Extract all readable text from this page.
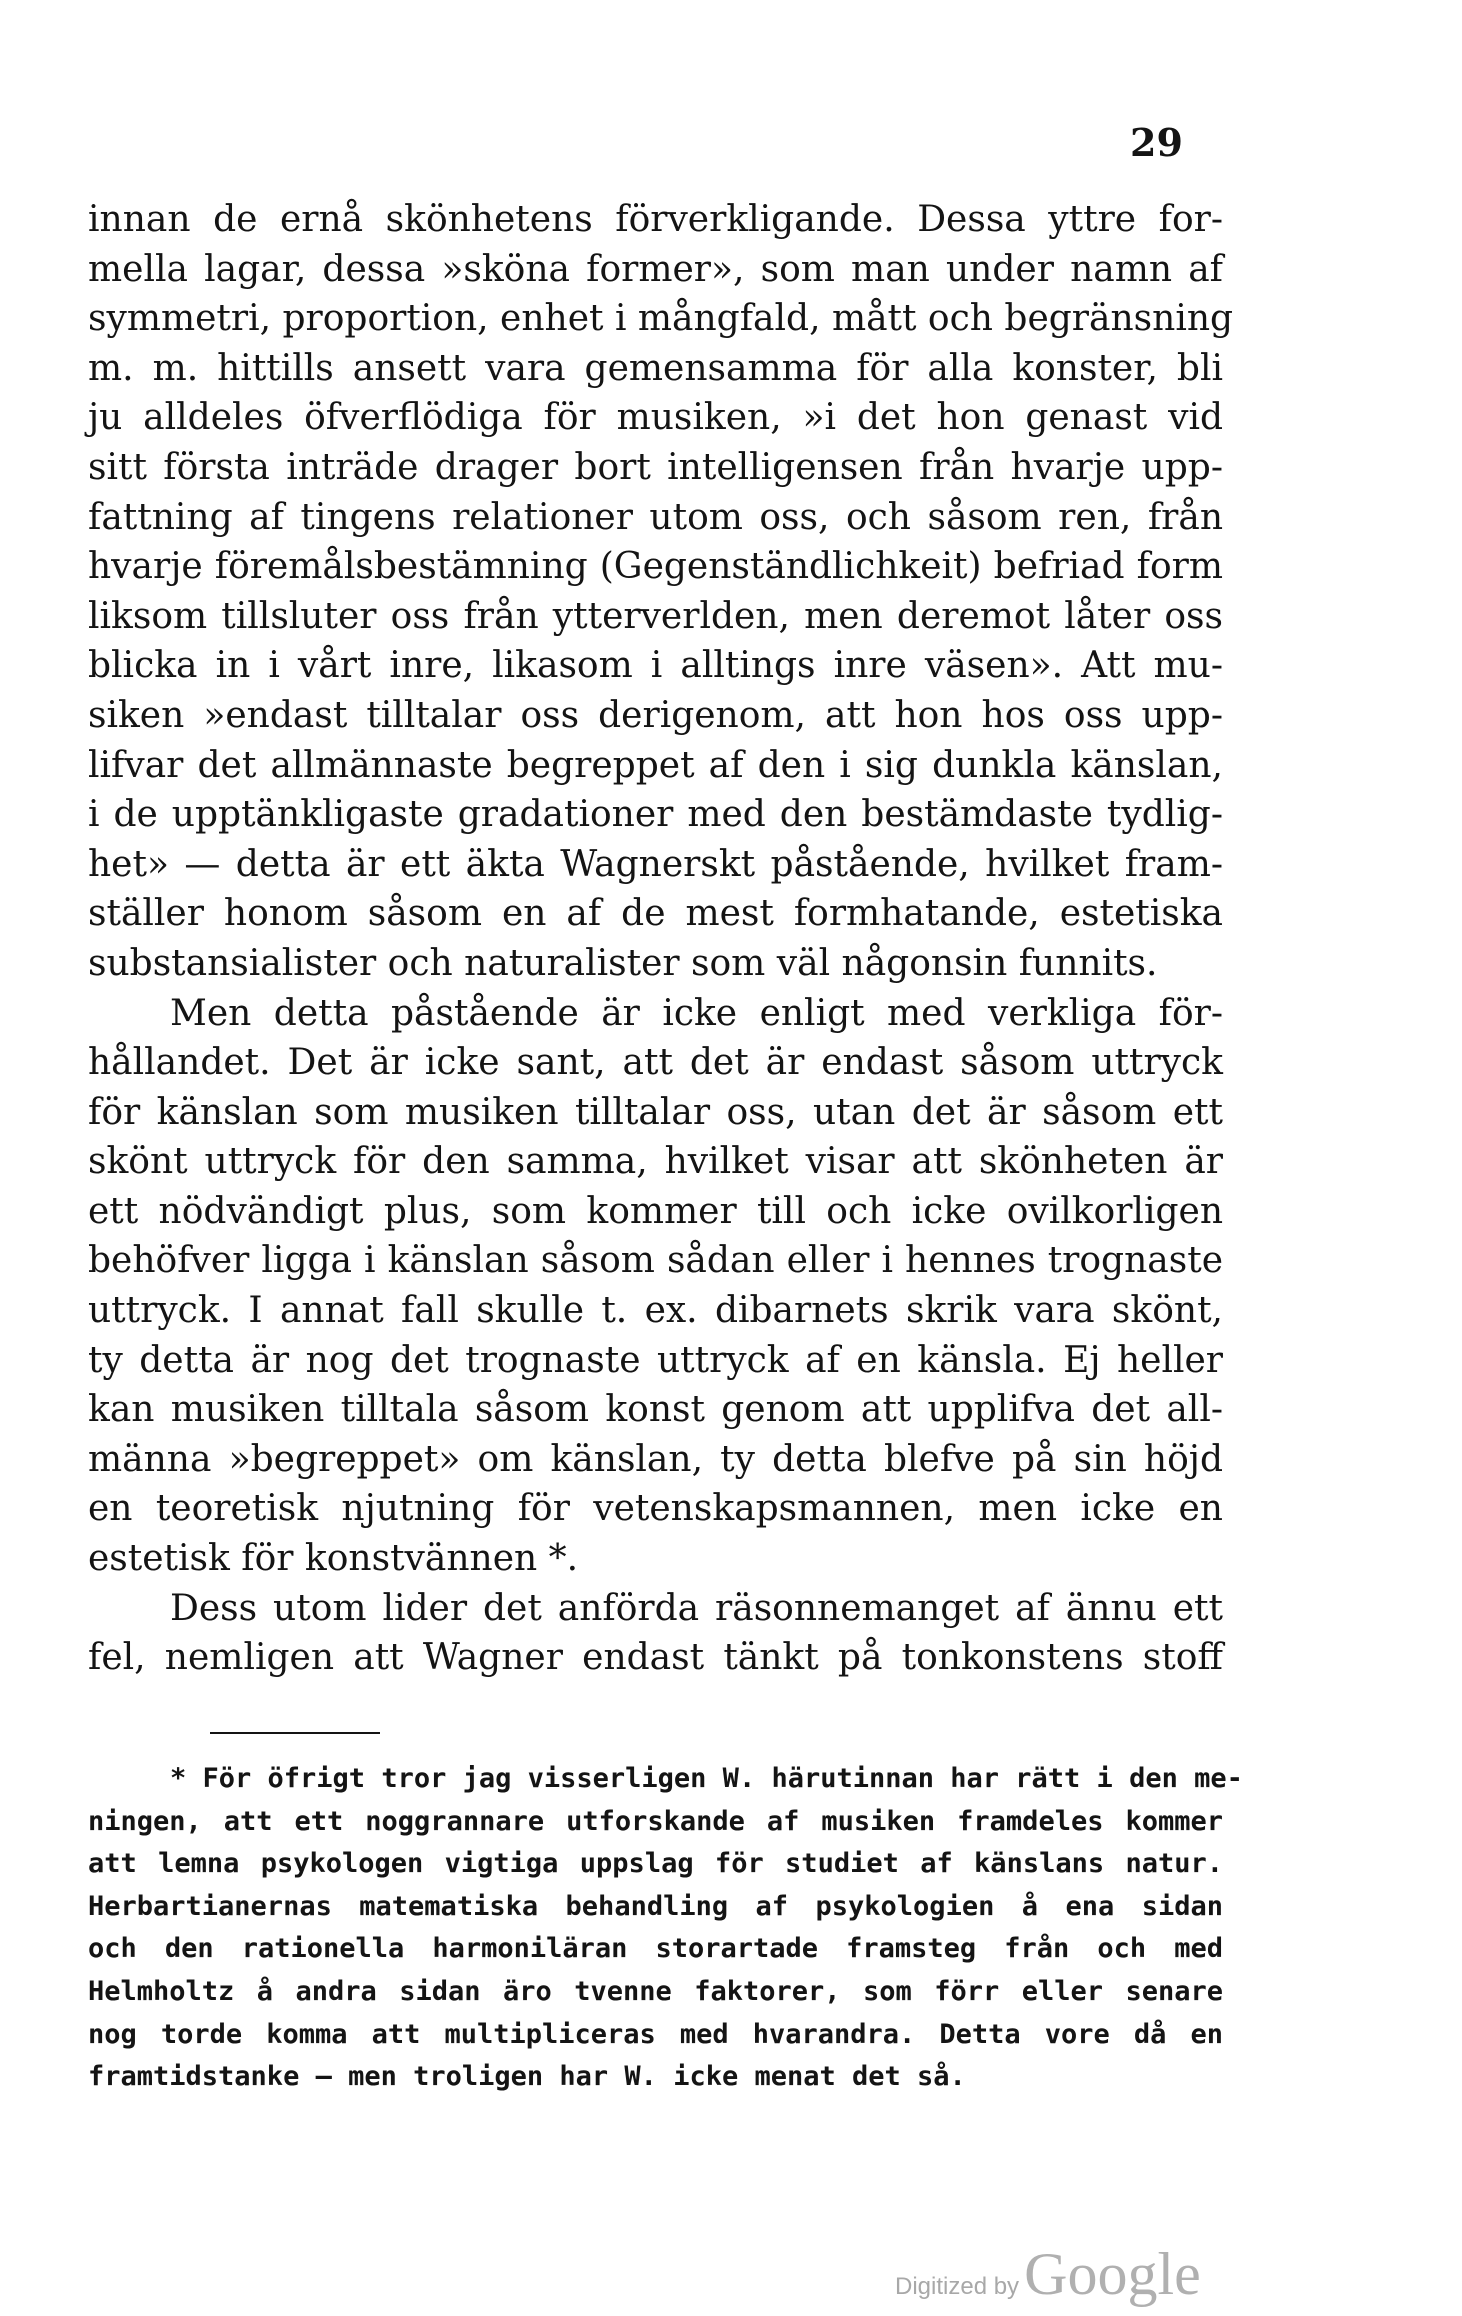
29
innan de ernå skönhetens förverkligande. Dessa yttre for-
mella lagar, dessa »sköna former», som man under namn af
symmetri, proportion, enhet i mångfald, mått och begränsning
m. m. hittills ansett vara gemensamma för alla konster, bli
ju alldeles öfverflödiga för musiken, »i det hon genast vid
sitt första inträde drager bort intelligensen från hvarje upp-
fattning af tingens relationer utom oss, och såsom ren, från
hvarje föremålsbestämning (Gegenständlichkeit) befriad form
liksom tillsluter oss från ytterverlden, men deremot låter oss
blicka in i vårt inre, likasom i alltings inre väsen». Att mu-
siken »endast tilltalar oss derigenom, att hon hos oss upp-
lifvar det allmännaste begreppet af den i sig dunkla känslan,
i de upptänkligaste gradationer med den bestämdaste tydlig-
het» — detta är ett äkta Wagnerskt påstående, hvilket fram-
ställer honom såsom en af de mest formhatande, estetiska
substansialister och naturalister som väl någonsin funnits.
Men detta påstående är icke enligt med verkliga för-
hållandet. Det är icke sant, att det är endast såsom uttryck
för känslan som musiken tilltalar oss, utan det är såsom ett
skönt uttryck för den samma, hvilket visar att skönheten är
ett nödvändigt plus, som kommer till och icke ovilkorligen
behöfver ligga i känslan såsom sådan eller i hennes trognaste
uttryck. I annat fall skulle t. ex. dibarnets skrik vara skönt,
ty detta är nog det trognaste uttryck af en känsla. Ej heller
kan musiken tilltala såsom konst genom att upplifva det all-
männa »begreppet» om känslan, ty detta blefve på sin höjd
en teoretisk njutning för vetenskapsmannen, men icke en
estetisk för konstvännen *.
Dess utom lider det anförda räsonnemanget af ännu ett
fel, nemligen att Wagner endast tänkt på tonkonstens stoff
* För öfrigt tror jag visserligen W. härutinnan har rätt i den me-
ningen, att ett noggrannare utforskande af musiken framdeles kommer
att lemna psykologen vigtiga uppslag för studiet af känslans natur.
Herbartianernas matematiska behandling af psykologien å ena sidan
och den rationella harmoniläran storartade framsteg från och med
Helmholtz å andra sidan äro tvenne faktorer, som förr eller senare
nog torde komma att multipliceras med hvarandra. Detta vore då en
framtidstanke — men troligen har W. icke menat det så.
Digitized by Google
